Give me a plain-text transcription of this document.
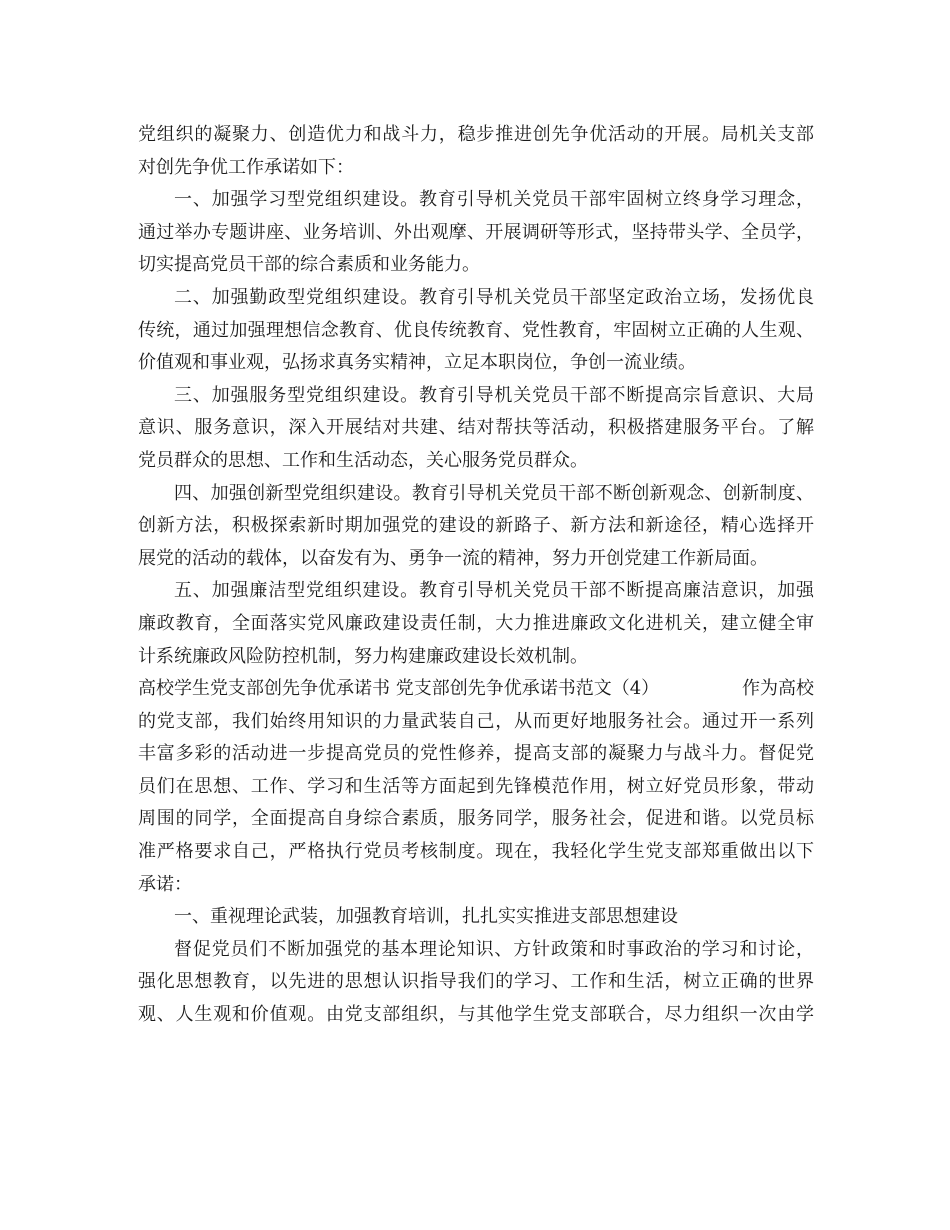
党组织的凝聚力、创造优力和战斗力，稳步推进创先争优活动的开展。局机关支部
对创先争优工作承诺如下：
一、加强学习型党组织建设。教育引导机关党员干部牢固树立终身学习理念，
通过举办专题讲座、业务培训、外出观摩、开展调研等形式，坚持带头学、全员学，
切实提高党员干部的综合素质和业务能力。
二、加强勤政型党组织建设。教育引导机关党员干部坚定政治立场，发扬优良
传统，通过加强理想信念教育、优良传统教育、党性教育，牢固树立正确的人生观、
价值观和事业观，弘扬求真务实精神，立足本职岗位，争创一流业绩。
三、加强服务型党组织建设。教育引导机关党员干部不断提高宗旨意识、大局
意识、服务意识，深入开展结对共建、结对帮扶等活动，积极搭建服务平台。了解
党员群众的思想、工作和生活动态，关心服务党员群众。
四、加强创新型党组织建设。教育引导机关党员干部不断创新观念、创新制度、
创新方法，积极探索新时期加强党的建设的新路子、新方法和新途径，精心选择开
展党的活动的载体，以奋发有为、勇争一流的精神，努力开创党建工作新局面。
五、加强廉洁型党组织建设。教育引导机关党员干部不断提高廉洁意识，加强
廉政教育，全面落实党风廉政建设责任制，大力推进廉政文化进机关，建立健全审
计系统廉政风险防控机制，努力构建廉政建设长效机制。
高校学生党支部创先争优承诺书 党支部创先争优承诺书范文（4）	作为高校
的党支部，我们始终用知识的力量武装自己，从而更好地服务社会。通过开一系列
丰富多彩的活动进一步提高党员的党性修养，提高支部的凝聚力与战斗力。督促党
员们在思想、工作、学习和生活等方面起到先锋模范作用，树立好党员形象，带动
周围的同学，全面提高自身综合素质，服务同学，服务社会，促进和谐。以党员标
准严格要求自己，严格执行党员考核制度。现在，我轻化学生党支部郑重做出以下
承诺：
一、重视理论武装，加强教育培训，扎扎实实推进支部思想建设
督促党员们不断加强党的基本理论知识、方针政策和时事政治的学习和讨论，
强化思想教育，以先进的思想认识指导我们的学习、工作和生活，树立正确的世界
观、人生观和价值观。由党支部组织，与其他学生党支部联合，尽力组织一次由学
